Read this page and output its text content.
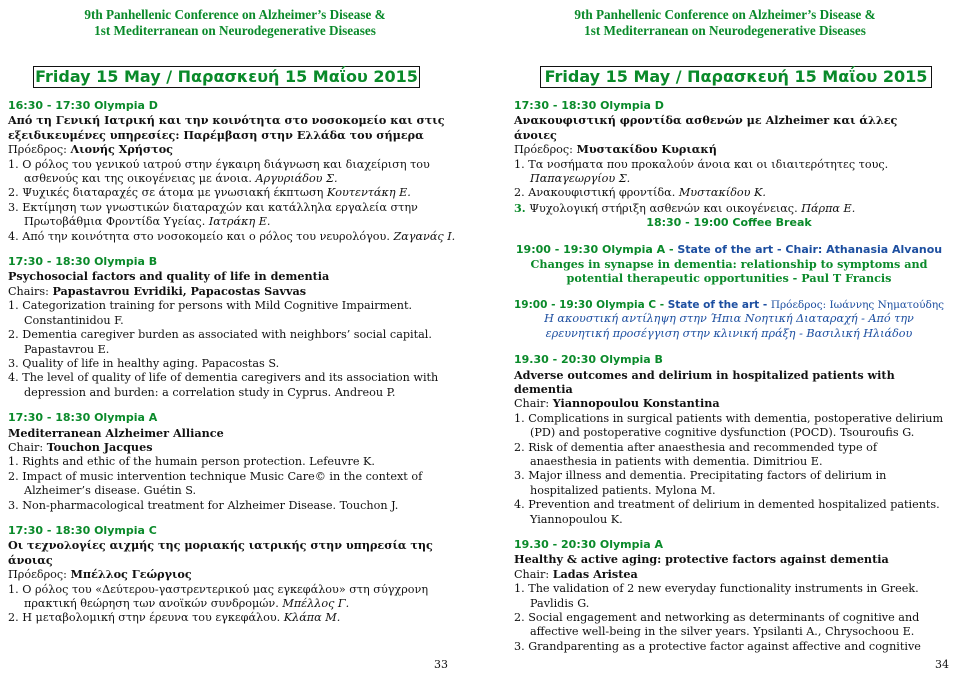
9th Panhellenic Conference on Alzheimer’s Disease &
1st Mediterranean on Neurodegenerative Diseases
Friday 15 May / Παρασκευή 15 Μαΐου 2015
16:30 - 17:30 Olympia D
Από τη Γενική Ιατρική και την κοινότητα στο νοσοκομείο και στις εξειδικευμένες υπηρεσίες: Παρέμβαση στην Ελλάδα του σήμερα
Πρόεδρος: Λιονής Χρήστος
1. Ο ρόλος του γενικού ιατρού στην έγκαιρη διάγνωση και διαχείριση του ασθενούς και της οικογένειας με άνοια. Αργυριάδου Σ.
2. Ψυχικές διαταραχές σε άτομα με γνωσιακή έκπτωση Κουτεντάκη Ε.
3. Εκτίμηση των γνωστικών διαταραχών και κατάλληλα εργαλεία στην Πρωτοβάθμια Φροντίδα Υγείας. Ιατράκη Ε.
4. Από την κοινότητα στο νοσοκομείο και ο ρόλος του νευρολόγου. Ζαγανάς Ι.
17:30 - 18:30 Olympia B
Psychosocial factors and quality of life in dementia
Chairs: Papastavrou Evridiki, Papacostas Savvas
1. Categorization training for persons with Mild Cognitive Impairment. Constantinidou F.
2. Dementia caregiver burden as associated with neighbors’ social capital. Papastavrou E.
3. Quality of life in healthy aging. Papacostas S.
4. The level of quality of life of dementia caregivers and its association with depression and burden: a correlation study in Cyprus. Andreou P.
17:30 - 18:30 Olympia A
Mediterranean Alzheimer Alliance
Chair: Touchon Jacques
1. Rights and ethic of the humain person protection. Lefeuvre K.
2. Impact of music intervention technique Music Care© in the context of Alzheimer’s disease. Guétin S.
3. Non-pharmacological treatment for Alzheimer Disease. Touchon J.
17:30 - 18:30 Olympia C
Οι τεχνολογίες αιχμής της μοριακής ιατρικής στην υπηρεσία της άνοιας
Πρόεδρος: Μπέλλος Γεώργιος
1. Ο ρόλος του «Δεύτερου-γαστρεντερικού μας εγκεφάλου» στη σύγχρονη πρακτική θεώρηση των ανοϊκών συνδρομών. Μπέλλος Γ.
2. Η μεταβολομική στην έρευνα του εγκεφάλου. Κλάπα Μ.
33
9th Panhellenic Conference on Alzheimer’s Disease &
1st Mediterranean on Neurodegenerative Diseases
Friday 15 May / Παρασκευή 15 Μαΐου 2015
17:30 - 18:30 Olympia D
Ανακουφιστική φροντίδα ασθενών με Alzheimer και άλλες άνοιες
Πρόεδρος: Μυστακίδου Κυριακή
1. Τα νοσήματα που προκαλούν άνοια και οι ιδιαιτερότητες τους. Παπαγεωργίου Σ.
2. Ανακουφιστική φροντίδα. Μυστακίδου Κ.
3. Ψυχολογική στήριξη ασθενών και οικογένειας. Πάρπα Ε.
18:30 - 19:00 Coffee Break
19:00 - 19:30 Olympia A - State of the art - Chair: Athanasia Alvanou
Changes in synapse in dementia: relationship to symptoms and potential therapeutic opportunities - Paul T Francis
19:00 - 19:30 Olympia C - State of the art - Πρόεδρος: Ιωάννης Νηματούδης
Η ακουστική αντίληψη στην Ήπια Νοητική Διαταραχή - Από την ερευνητική προσέγγιση στην κλινική πράξη - Βασιλική Ηλιάδου
19.30 - 20:30 Olympia B
Adverse outcomes and delirium in hospitalized patients with dementia
Chair: Yiannopoulou Konstantina
1. Complications in surgical patients with dementia, postoperative delirium (PD) and postoperative cognitive dysfunction (POCD). Tsouroufis G.
2. Risk of dementia after anaesthesia and recommended type of anaesthesia in patients with dementia. Dimitriou E.
3. Major illness and dementia. Precipitating factors of delirium in hospitalized patients. Mylona M.
4. Prevention and treatment of delirium in demented hospitalized patients. Yiannopoulou K.
19.30 - 20:30 Olympia A
Healthy & active aging: protective factors against dementia
Chair: Ladas Aristea
1. The validation of 2 new everyday functionality instruments in Greek. Pavlidis G.
2. Social engagement and networking as determinants of cognitive and affective well-being in the silver years. Ypsilanti A., Chrysochoou E.
3. Grandparenting as a protective factor against affective and cognitive
34
